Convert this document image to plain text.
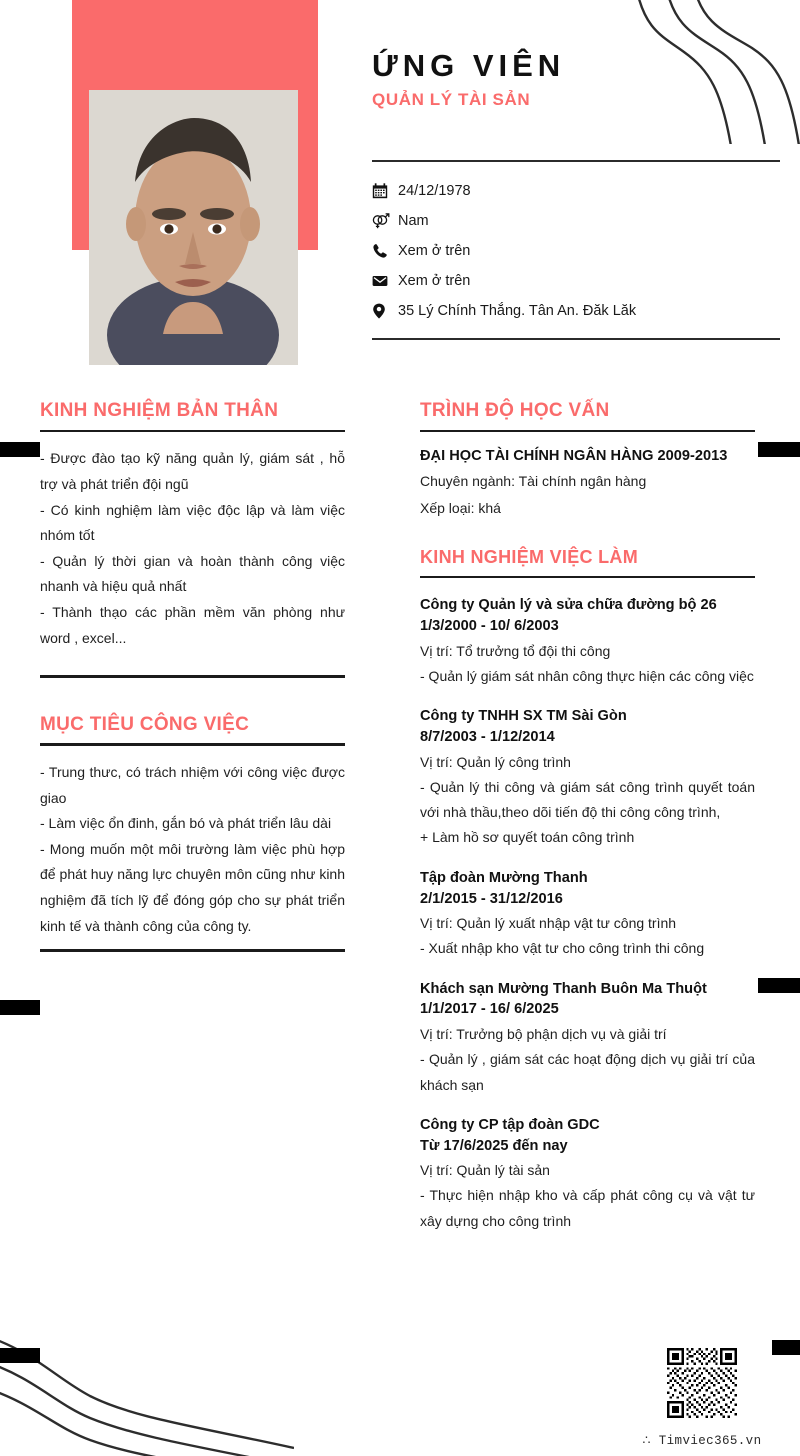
ỨNG VIÊN
QUẢN LÝ TÀI SẢN
24/12/1978
Nam
Xem ở trên
Xem ở trên
35 Lý Chính Thắng. Tân An. Đăk Lăk
KINH NGHIỆM BẢN THÂN

- Được đào tạo kỹ năng quản lý, giám sát , hỗ trợ và phát triển đội ngũ

- Có kinh nghiệm làm việc độc lập và làm việc nhóm tốt

- Quản lý thời gian và hoàn thành công việc nhanh và hiệu quả nhất

- Thành thạo các phần mềm văn phòng như word , excel...

MỤC TIÊU CÔNG VIỆC

- Trung thưc, có trách nhiệm với công việc được giao

- Làm việc ổn đinh, gắn bó và phát triển lâu dài

- Mong muốn một môi trường làm việc phù hợp để phát huy năng lực chuyên môn cũng như kinh nghiệm đã tích lỹ để đóng góp cho sự phát triển kinh tế và thành công của công ty.

TRÌNH ĐỘ HỌC VẤN
ĐẠI HỌC TÀI CHÍNH NGÂN HÀNG 2009-2013
Chuyên ngành: Tài chính ngân hàng
Xếp loại: khá
KINH NGHIỆM VIỆC LÀM
Công ty Quản lý và sửa chữa đường bộ 26
1/3/2000 - 10/ 6/2003
Vị trí: Tổ trưởng tổ đội thi công
- Quản lý giám sát nhân công thực hiện các công việc
Công ty TNHH SX TM Sài Gòn
8/7/2003 - 1/12/2014
Vị trí: Quản lý công trình
- Quản lý thi công và giám sát công trình quyết toán với nhà thầu,theo dõi tiến độ thi công công trình,
+ Làm hồ sơ quyết toán công trình
Tập đoàn Mường Thanh
2/1/2015 - 31/12/2016
Vị trí: Quản lý xuất nhập vật tư công trình
- Xuất nhập kho vật tư cho công trình thi công
Khách sạn Mường Thanh Buôn Ma Thuột
1/1/2017 - 16/ 6/2025
Vị trí: Trưởng bộ phận dịch vụ và giải trí
- Quản lý , giám sát các hoạt động dịch vụ giải trí của khách sạn
Công ty CP tập đoàn GDC
Từ 17/6/2025 đến nay
Vị trí: Quản lý tài sản
- Thực hiện nhập kho và cấp phát công cụ và vật tư xây dựng cho công trình
∴ Timviec365.vn
